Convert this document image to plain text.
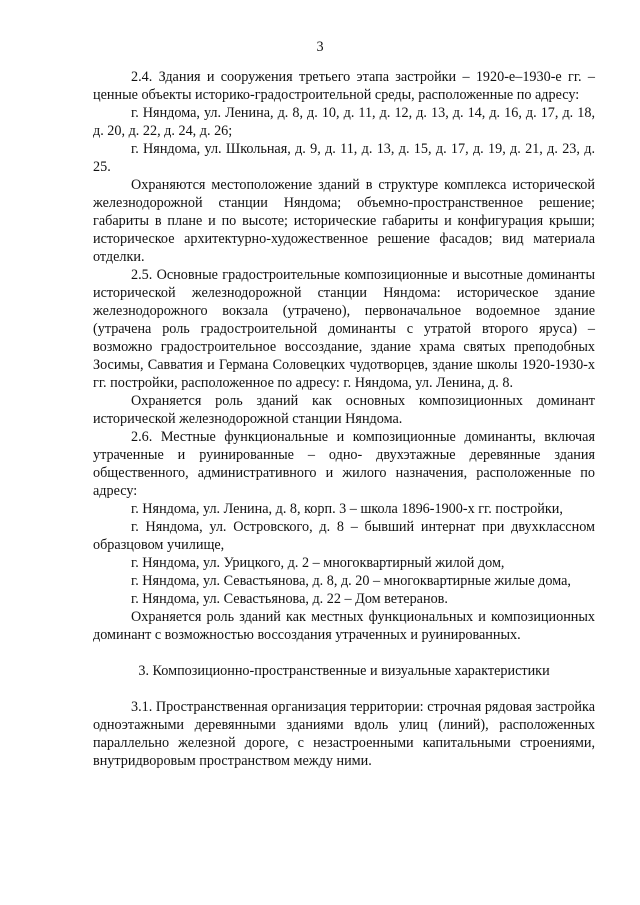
3

2.4. Здания и сооружения третьего этапа застройки – 1920-е–1930-е гг. – ценные объекты историко-градостроительной среды, расположенные по адресу:

г. Няндома, ул. Ленина, д. 8, д. 10, д. 11, д. 12, д. 13, д. 14, д. 16, д. 17, д. 18, д. 20, д. 22, д. 24, д. 26;

г. Няндома, ул. Школьная, д. 9, д. 11, д. 13, д. 15, д. 17, д. 19, д. 21, д. 23, д. 25.

Охраняются местоположение зданий в структуре комплекса исторической железнодорожной станции Няндома; объемно-пространственное решение; габариты в плане и по высоте; исторические габариты и конфигурация крыши; историческое архитектурно-художественное решение фасадов; вид материала отделки.

2.5. Основные градостроительные композиционные и высотные доминанты исторической железнодорожной станции Няндома: историческое здание железнодорожного вокзала (утрачено), первоначальное водоемное здание (утрачена роль градостроительной доминанты с утратой второго яруса) – возможно градостроительное воссоздание, здание храма святых преподобных Зосимы, Савватия и Германа Соловецких чудотворцев, здание школы 1920-1930-х гг. постройки, расположенное по адресу: г. Няндома, ул. Ленина, д. 8.

Охраняется роль зданий как основных композиционных доминант исторической железнодорожной станции Няндома.

2.6. Местные функциональные и композиционные доминанты, включая утраченные и руинированные – одно- двухэтажные деревянные здания общественного, административного и жилого назначения, расположенные по адресу:

г. Няндома, ул. Ленина, д. 8, корп. 3 – школа 1896-1900-х гг. постройки,

г. Няндома, ул. Островского, д. 8 – бывший интернат при двухклассном образцовом училище,

г. Няндома, ул. Урицкого, д. 2 – многоквартирный жилой дом,

г. Няндома, ул. Севастьянова, д. 8, д. 20 – многоквартирные жилые дома,

г. Няндома, ул. Севастьянова, д. 22 – Дом ветеранов.

Охраняется роль зданий как местных функциональных и композиционных доминант с возможностью воссоздания утраченных и руинированных.

3. Композиционно-пространственные и визуальные характеристики

3.1. Пространственная организация территории: строчная рядовая застройка одноэтажными деревянными зданиями вдоль улиц (линий), расположенных параллельно железной дороге, с незастроенными капитальными строениями, внутридворовым пространством между ними.
